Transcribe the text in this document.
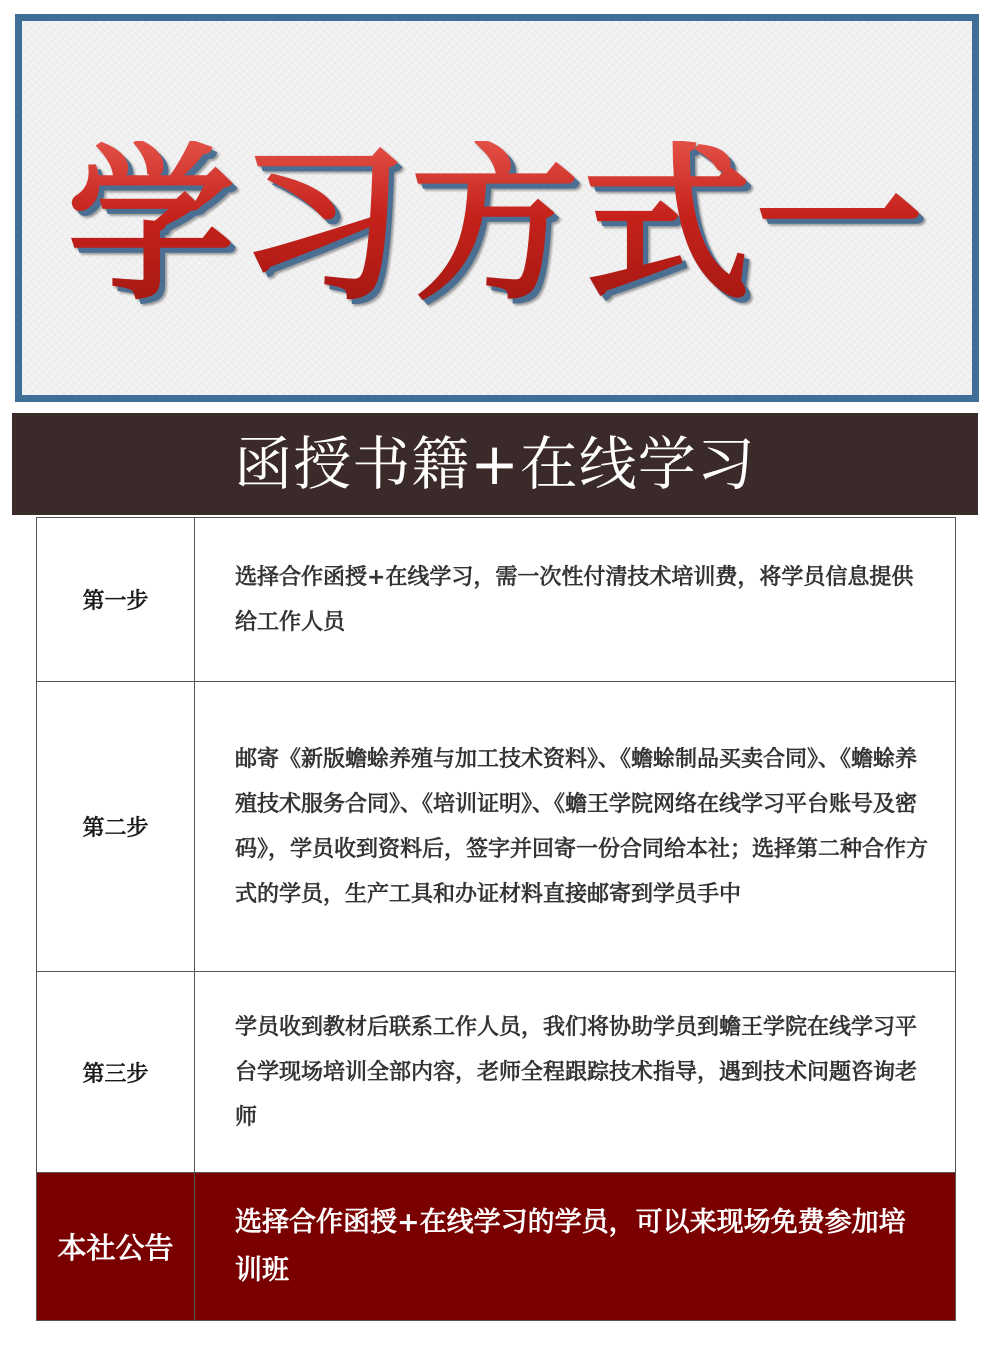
学习方式一
函授书籍+在线学习
第一步	选择合作函授+在线学习，需一次性付清技术培训费，将学员信息提供给工作人员
第二步	邮寄《新版蟾蜍养殖与加工技术资料》、《蟾蜍制品买卖合同》、《蟾蜍养殖技术服务合同》、《培训证明》、《蟾王学院网络在线学习平台账号及密码》，学员收到资料后，签字并回寄一份合同给本社；选择第二种合作方式的学员，生产工具和办证材料直接邮寄到学员手中
第三步	学员收到教材后联系工作人员，我们将协助学员到蟾王学院在线学习平台学现场培训全部内容，老师全程跟踪技术指导，遇到技术问题咨询老师
本社公告	选择合作函授+在线学习的学员，可以来现场免费参加培训班
